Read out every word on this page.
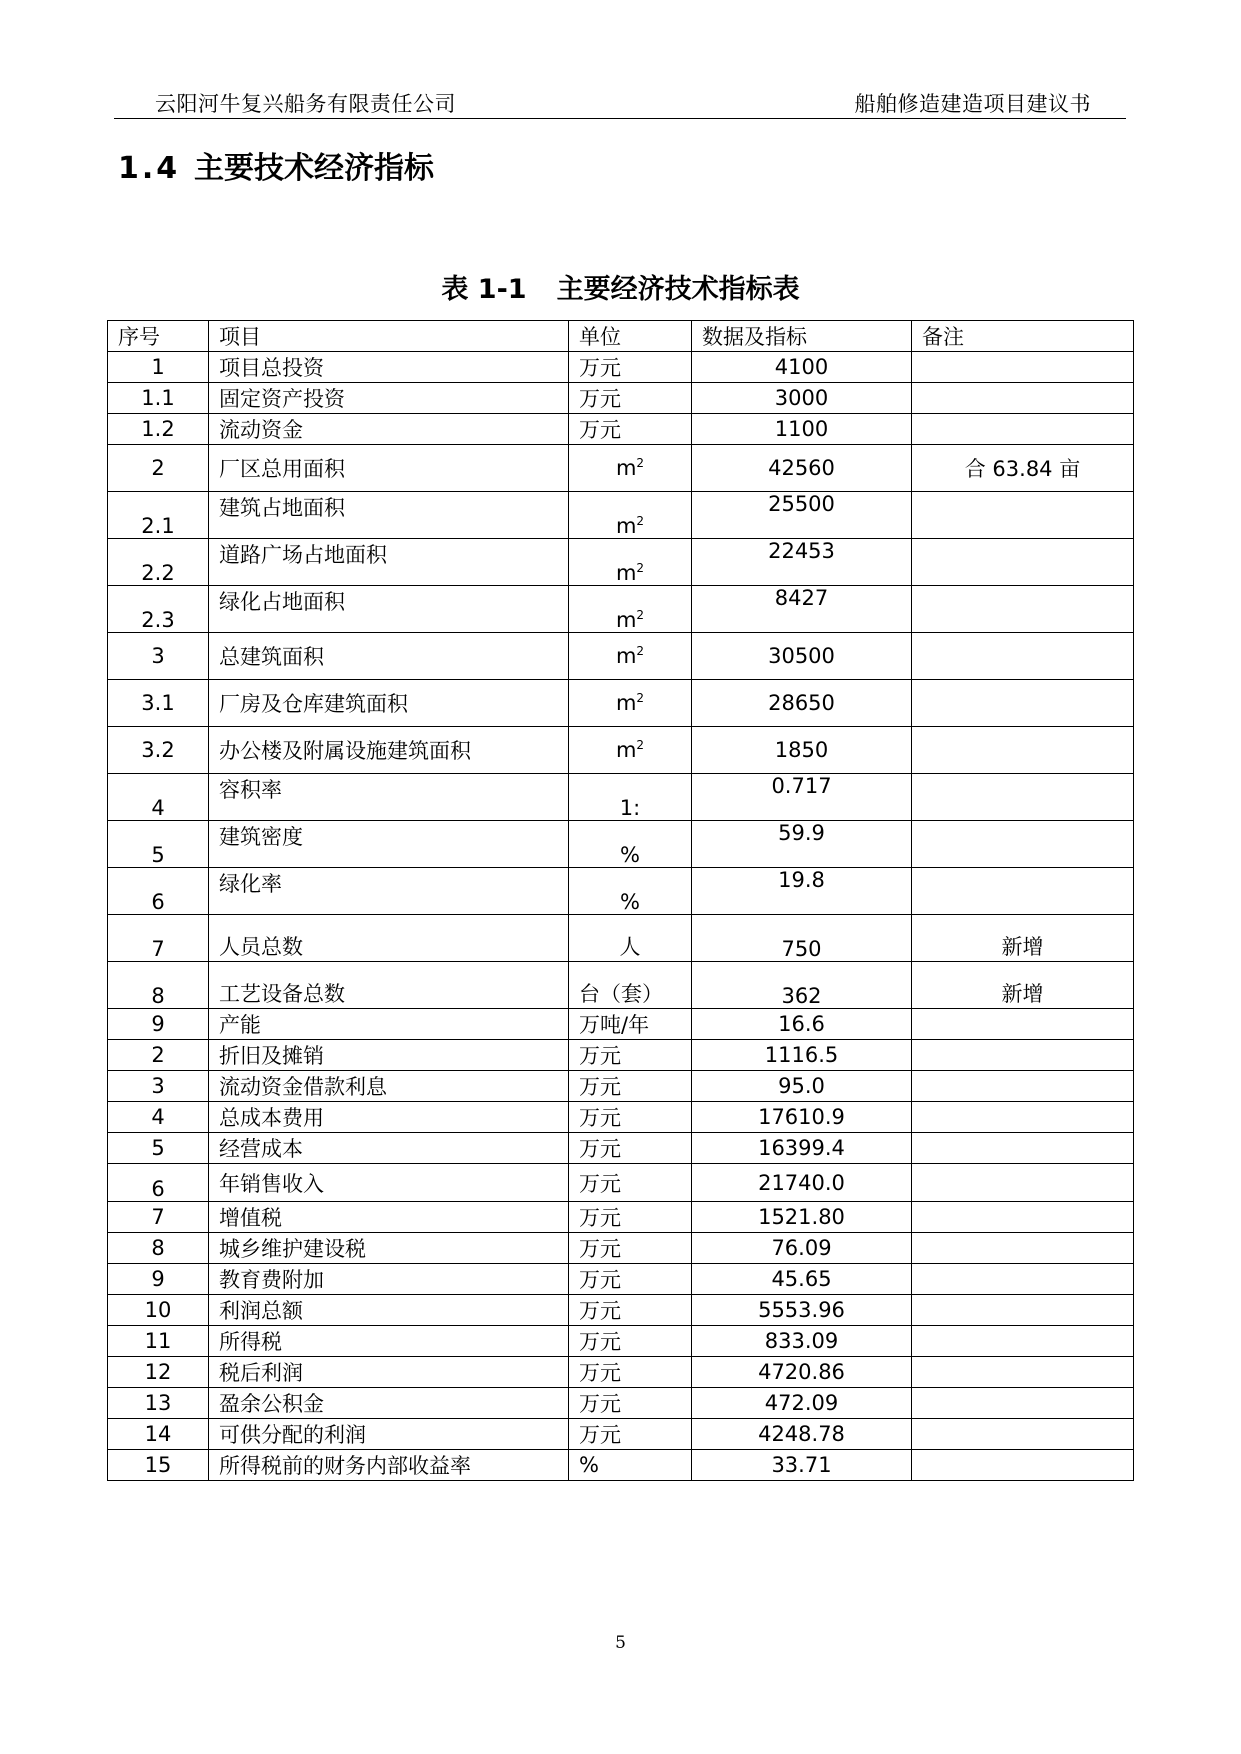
云阳河牛复兴船务有限责任公司	船舶修造建造项目建议书
1.4 主要技术经济指标
表 1-1 主要经济技术指标表
序号	项目	单位	数据及指标	备注
1	项目总投资	万元	4100	
1.1	固定资产投资	万元	3000	
1.2	流动资金	万元	1100	
2	厂区总用面积	$m^2$	42560	合 63.84 亩
2.1	建筑占地面积	$m^2$	25500	
2.2	道路广场占地面积	$m^2$	22453	
2.3	绿化占地面积	$m^2$	8427	
3	总建筑面积	$m^2$	30500	
3.1	厂房及仓库建筑面积	$m^2$	28650	
3.2	办公楼及附属设施建筑面积	$m^2$	1850	
4	容积率	1:	0.717	
5	建筑密度	%	59.9	
6	绿化率	%	19.8	
7	人员总数	人	750	新增
8	工艺设备总数	台（套）	362	新增
9	产能	万吨/年	16.6	
2	折旧及摊销	万元	1116.5	
3	流动资金借款利息	万元	95.0	
4	总成本费用	万元	17610.9	
5	经营成本	万元	16399.4	
6	年销售收入	万元	21740.0	
7	增值税	万元	1521.80	
8	城乡维护建设税	万元	76.09	
9	教育费附加	万元	45.65	
10	利润总额	万元	5553.96	
11	所得税	万元	833.09	
12	税后利润	万元	4720.86	
13	盈余公积金	万元	472.09	
14	可供分配的利润	万元	4248.78	
15	所得税前的财务内部收益率	%	33.71	
5
